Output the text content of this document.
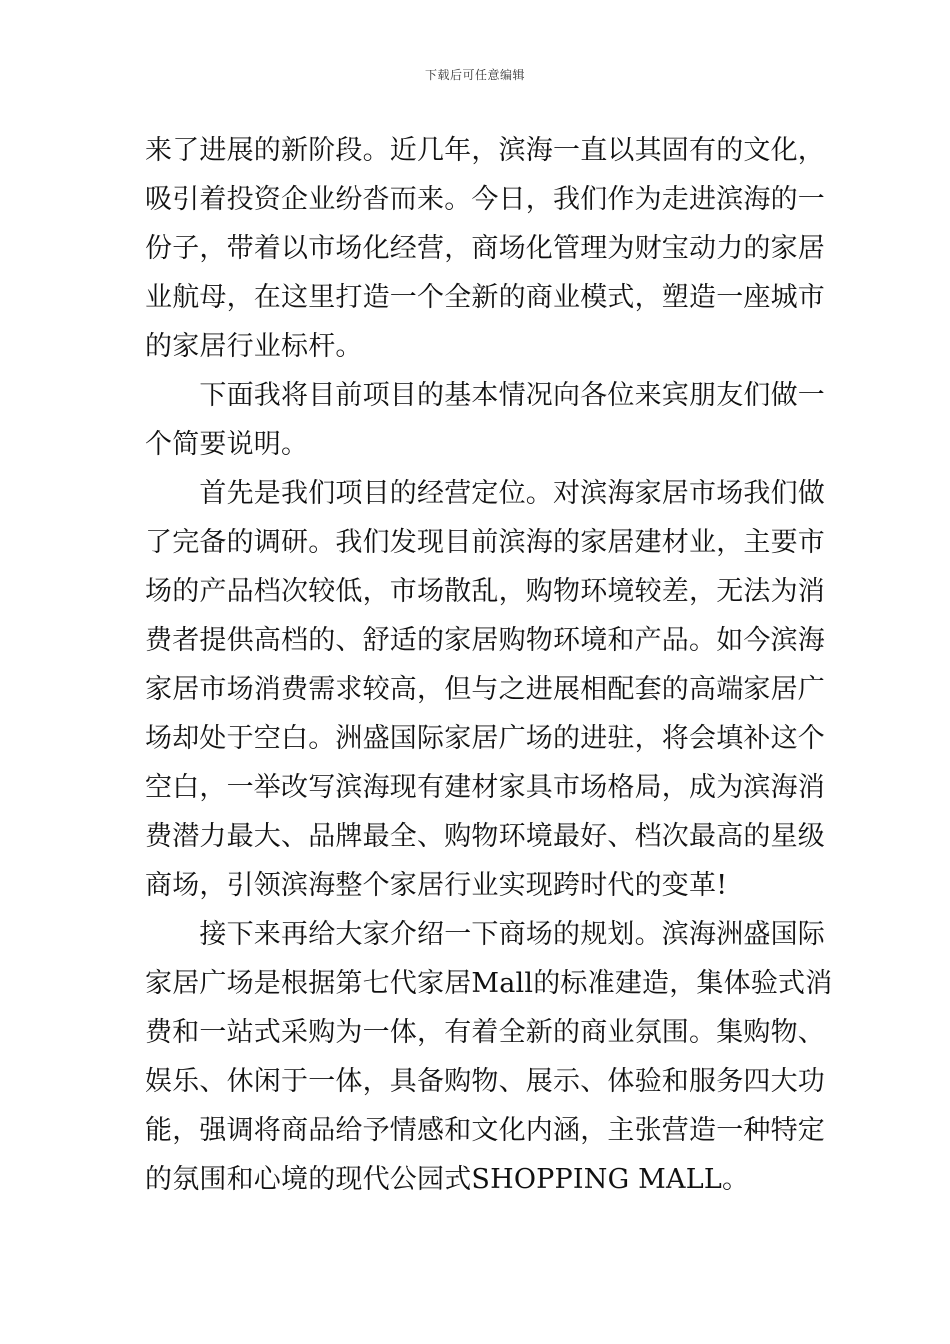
下载后可任意编辑
来了进展的新阶段。近几年，滨海一直以其固有的文化，
吸引着投资企业纷沓而来。今日，我们作为走进滨海的一
份子，带着以市场化经营，商场化管理为财宝动力的家居
业航母，在这里打造一个全新的商业模式，塑造一座城市
的家居行业标杆。
　　下面我将目前项目的基本情况向各位来宾朋友们做一
个简要说明。
　　首先是我们项目的经营定位。对滨海家居市场我们做
了完备的调研。我们发现目前滨海的家居建材业，主要市
场的产品档次较低，市场散乱，购物环境较差，无法为消
费者提供高档的、舒适的家居购物环境和产品。如今滨海
家居市场消费需求较高，但与之进展相配套的高端家居广
场却处于空白。洲盛国际家居广场的进驻，将会填补这个
空白，一举改写滨海现有建材家具市场格局，成为滨海消
费潜力最大、品牌最全、购物环境最好、档次最高的星级
商场，引领滨海整个家居行业实现跨时代的变革!
　　接下来再给大家介绍一下商场的规划。滨海洲盛国际
家居广场是根据第七代家居Mall的标准建造，集体验式消
费和一站式采购为一体，有着全新的商业氛围。集购物、
娱乐、休闲于一体，具备购物、展示、体验和服务四大功
能，强调将商品给予情感和文化内涵，主张营造一种特定
的氛围和心境的现代公园式SHOPPING MALL。
